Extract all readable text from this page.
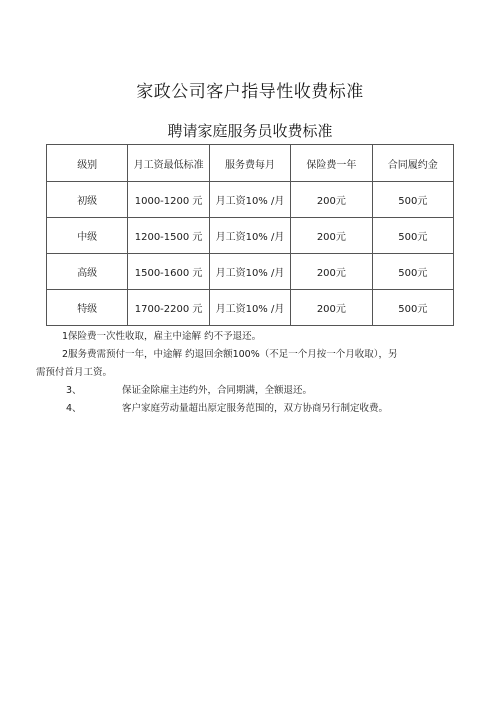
家政公司客户指导性收费标准
聘请家庭服务员收费标准
级别	月工资最低标准	服务费每月	保险费一年	合同履约金
初级	1000-1200 元	月工资10% /月	200元	500元
中级	1200-1500 元	月工资10% /月	200元	500元
高级	1500-1600 元	月工资10% /月	200元	500元
特级	1700-2200 元	月工资10% /月	200元	500元
1保险费一次性收取，雇主中途解 约不予退还。
2服务费需预付一年，中途解 约退回余额100%（不足一个月按一个月收取），另
需预付首月工资。
3、	保证金除雇主违约外，合同期满，全额退还。
4、	客户家庭劳动量超出原定服务范围的，双方协商另行制定收费。
